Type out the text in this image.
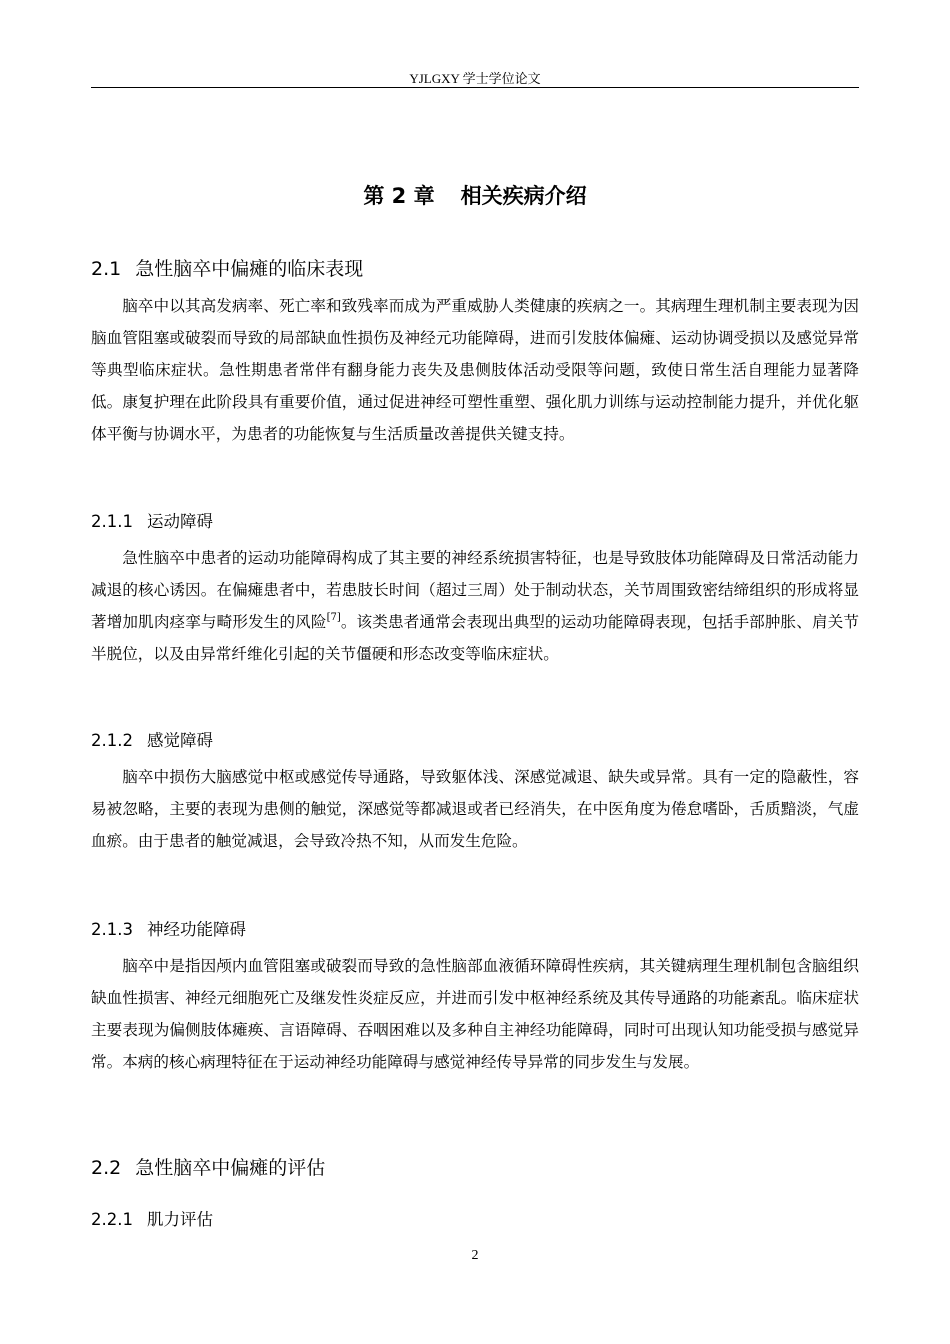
YJLGXY 学士学位论文
第 2 章 相关疾病介绍
2.1 急性脑卒中偏瘫的临床表现

脑卒中以其高发病率、死亡率和致残率而成为严重威胁人类健康的疾病之一。其病理生理机制主要表现为因脑血管阻塞或破裂而导致的局部缺血性损伤及神经元功能障碍，进而引发肢体偏瘫、运动协调受损以及感觉异常等典型临床症状。急性期患者常伴有翻身能力丧失及患侧肢体活动受限等问题，致使日常生活自理能力显著降低。康复护理在此阶段具有重要价值，通过促进神经可塑性重塑、强化肌力训练与运动控制能力提升，并优化躯体平衡与协调水平，为患者的功能恢复与生活质量改善提供关键支持。

2.1.1 运动障碍

急性脑卒中患者的运动功能障碍构成了其主要的神经系统损害特征，也是导致肢体功能障碍及日常活动能力减退的核心诱因。在偏瘫患者中，若患肢长时间（超过三周）处于制动状态，关节周围致密结缔组织的形成将显著增加肌肉痉挛与畸形发生的风险[7]。该类患者通常会表现出典型的运动功能障碍表现，包括手部肿胀、肩关节半脱位，以及由异常纤维化引起的关节僵硬和形态改变等临床症状。

2.1.2 感觉障碍

脑卒中损伤大脑感觉中枢或感觉传导通路，导致躯体浅、深感觉减退、缺失或异常。具有一定的隐蔽性，容易被忽略，主要的表现为患侧的触觉，深感觉等都减退或者已经消失，在中医角度为倦怠嗜卧，舌质黯淡，气虚血瘀。由于患者的触觉减退，会导致冷热不知，从而发生危险。

2.1.3 神经功能障碍

脑卒中是指因颅内血管阻塞或破裂而导致的急性脑部血液循环障碍性疾病，其关键病理生理机制包含脑组织缺血性损害、神经元细胞死亡及继发性炎症反应，并进而引发中枢神经系统及其传导通路的功能紊乱。临床症状主要表现为偏侧肢体瘫痪、言语障碍、吞咽困难以及多种自主神经功能障碍，同时可出现认知功能受损与感觉异常。本病的核心病理特征在于运动神经功能障碍与感觉神经传导异常的同步发生与发展。

2.2 急性脑卒中偏瘫的评估
2.2.1 肌力评估
2
